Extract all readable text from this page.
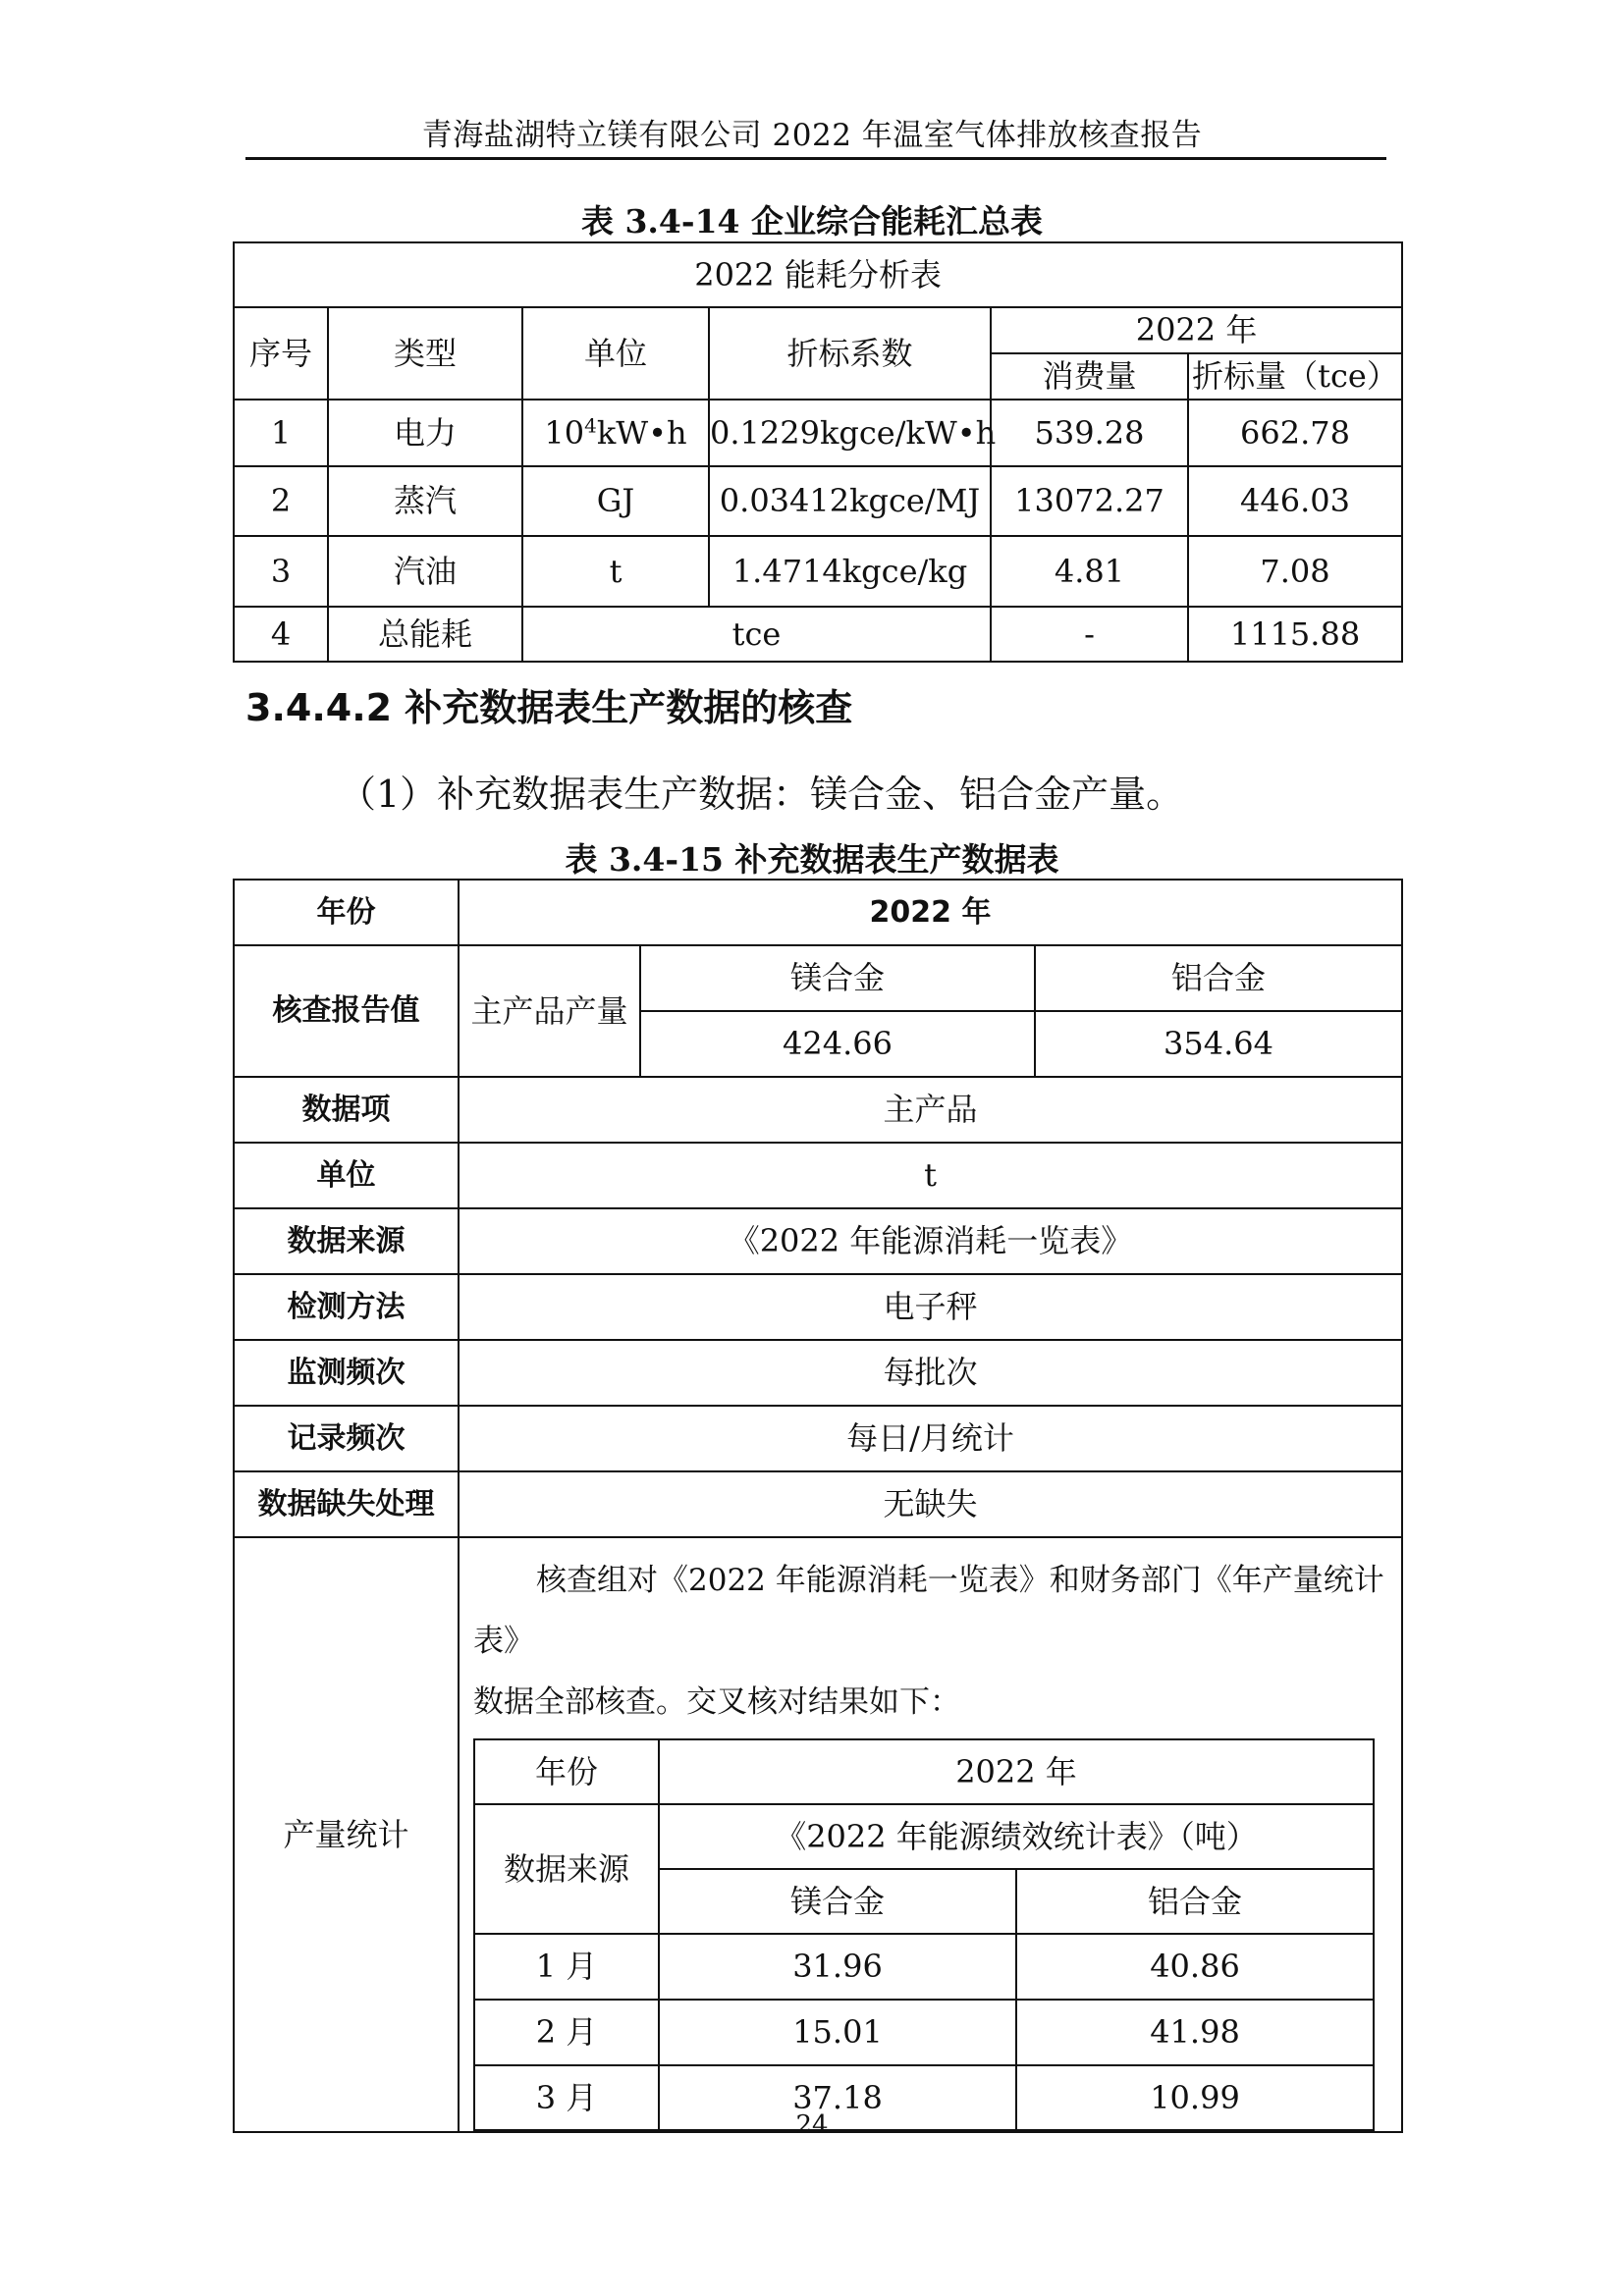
青海盐湖特立镁有限公司 2022 年温室气体排放核查报告
表 3.4-14 企业综合能耗汇总表
2022 能耗分析表					
序号	类型	单位	折标系数	2022 年	
				消费量	折标量（tce）
1	电力	$10^4kW•h$	0.1229kgce/kW•h	539.28	662.78
2	蒸汽	GJ	0.03412kgce/MJ	13072.27	446.03
3	汽油	t	1.4714kgce/kg	4.81	7.08
4	总能耗	tce		-	1115.88
3.4.4.2 补充数据表生产数据的核查
（1）补充数据表生产数据：镁合金、铝合金产量。
表 3.4-15 补充数据表生产数据表
年份	2022 年
核查报告值	主产品产量	镁合金	铝合金
424.66	354.64
数据项	主产品
单位	t
数据来源	《2022 年能源消耗一览表》
检测方法	电子秤
监测频次	每批次
记录频次	每日/月统计
数据缺失处理	无缺失
产量统计	
核查组对《2022 年能源消耗一览表》和财务部门《年产量统计表》
数据全部核查。交叉核对结果如下：
年份	2022 年
数据来源	《2022 年能源绩效统计表》（吨）
镁合金	铝合金
1 月	31.96	40.86
2 月	15.01	41.98
3 月	37.18	10.99
24
